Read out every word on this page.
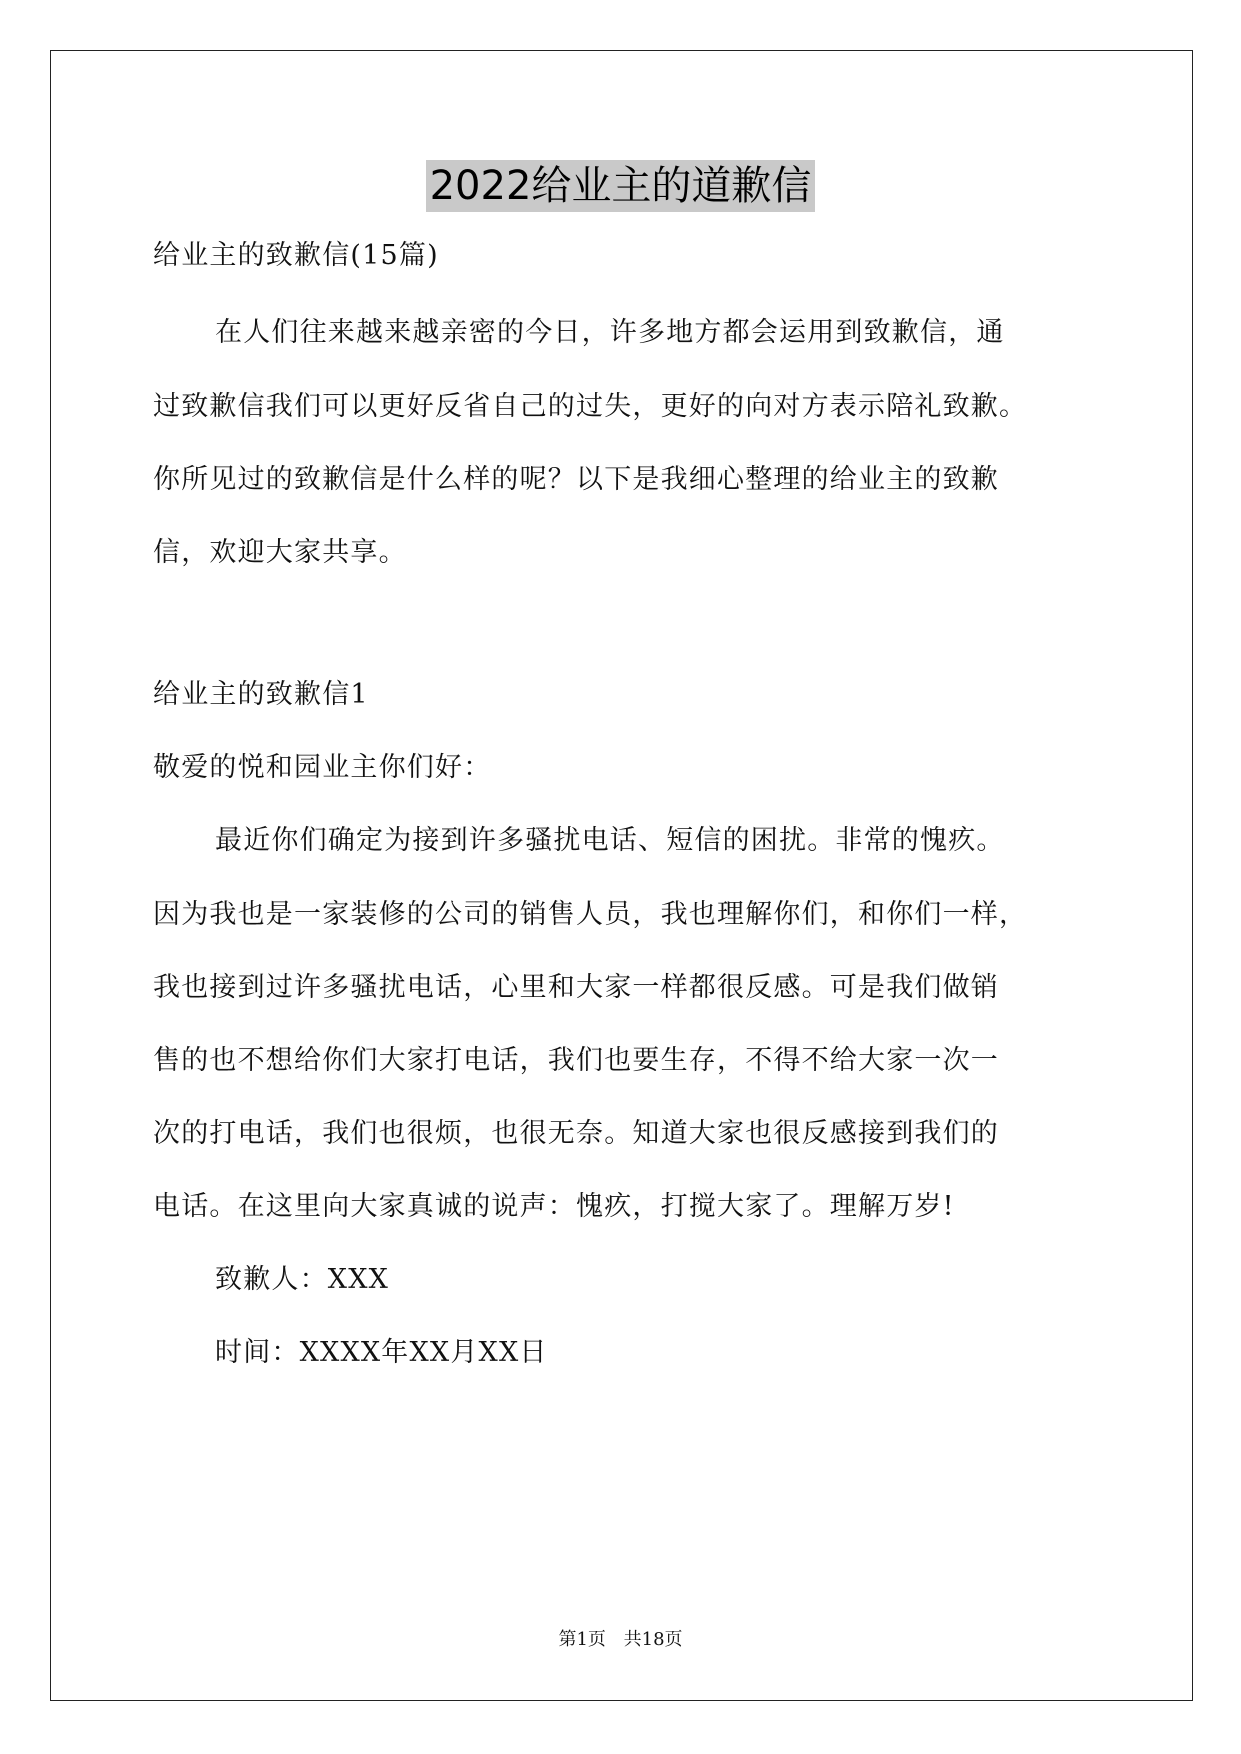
2022给业主的道歉信
给业主的致歉信(15篇)
在人们往来越来越亲密的今日，许多地方都会运用到致歉信，通
过致歉信我们可以更好反省自己的过失，更好的向对方表示陪礼致歉。
你所见过的致歉信是什么样的呢？以下是我细心整理的给业主的致歉
信，欢迎大家共享。
给业主的致歉信1
敬爱的悦和园业主你们好：
最近你们确定为接到许多骚扰电话、短信的困扰。非常的愧疚。
因为我也是一家装修的公司的销售人员，我也理解你们，和你们一样，
我也接到过许多骚扰电话，心里和大家一样都很反感。可是我们做销
售的也不想给你们大家打电话，我们也要生存，不得不给大家一次一
次的打电话，我们也很烦，也很无奈。知道大家也很反感接到我们的
电话。在这里向大家真诚的说声：愧疚，打搅大家了。理解万岁!
致歉人：XXX
时间：XXXX年XX月XX日
第1页 共18页
